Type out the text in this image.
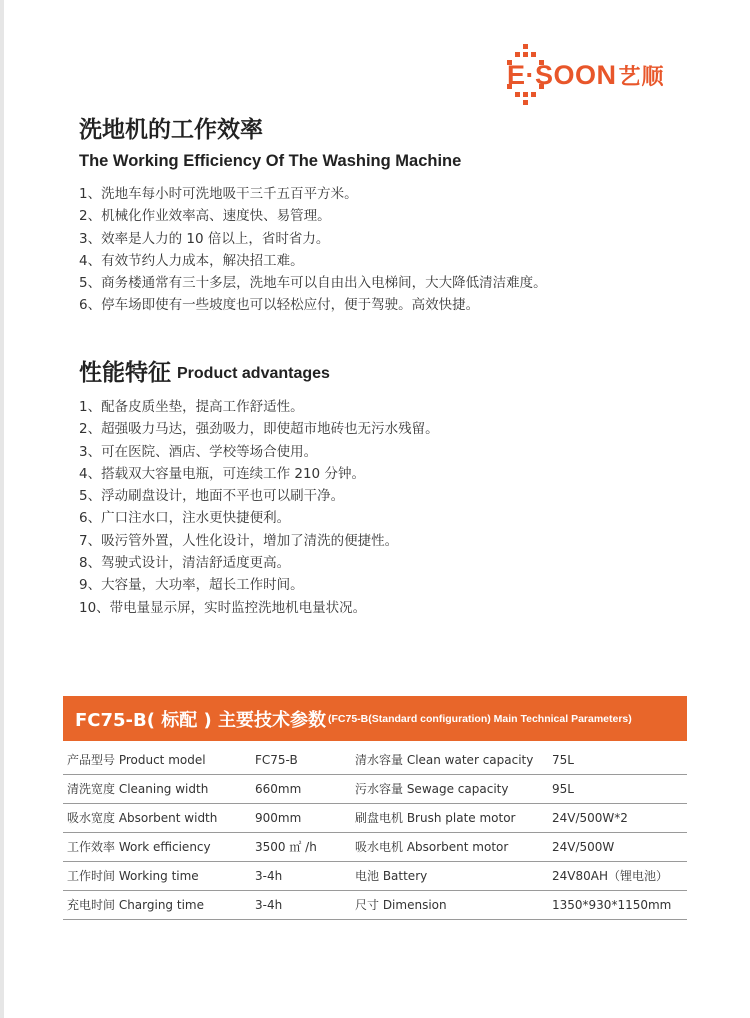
E·SOON艺顺
洗地机的工作效率
The Working Efficiency Of The Washing Machine
1、洗地车每小时可洗地吸干三千五百平方米。
2、机械化作业效率高、速度快、易管理。
3、效率是人力的 10 倍以上，省时省力。
4、有效节约人力成本，解决招工难。
5、商务楼通常有三十多层，洗地车可以自由出入电梯间，大大降低清洁难度。
6、停车场即使有一些坡度也可以轻松应付，便于驾驶。高效快捷。
性能特征 Product advantages
1、配备皮质坐垫，提高工作舒适性。
2、超强吸力马达，强劲吸力，即使超市地砖也无污水残留。
3、可在医院、酒店、学校等场合使用。
4、搭载双大容量电瓶，可连续工作 210 分钟。
5、浮动刷盘设计，地面不平也可以刷干净。
6、广口注水口，注水更快捷便利。
7、吸污管外置，人性化设计，增加了清洗的便捷性。
8、驾驶式设计，清洁舒适度更高。
9、大容量，大功率，超长工作时间。
10、带电量显示屏，实时监控洗地机电量状况。
FC75-B( 标配 ) 主要技术参数 (FC75-B(Standard configuration) Main Technical Parameters)
产品型号 Product model	FC75-B	清水容量 Clean water capacity 75L
清洗宽度 Cleaning width	660mm	污水容量 Sewage capacity	95L
吸水宽度 Absorbent width	900mm	刷盘电机 Brush plate motor	24V/500W*2
工作效率 Work efficiency	3500 ㎡ /h	吸水电机 Absorbent motor	24V/500W
工作时间 Working time	3-4h	电池 Battery	24V80AH（锂电池）
充电时间 Charging time	3-4h	尺寸 Dimension	1350*930*1150mm
